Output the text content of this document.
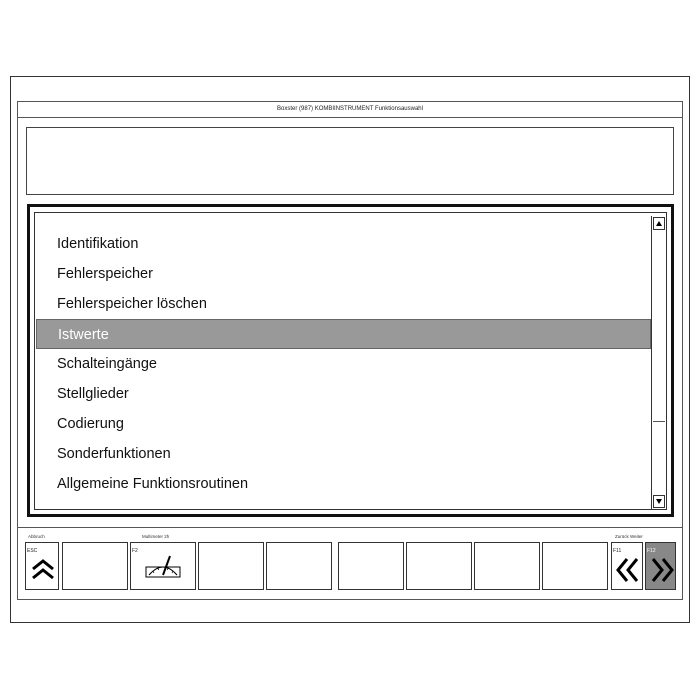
Boxster (987) KOMBIINSTRUMENT Funktionsauswahl
Identifikation
Fehlerspeicher
Fehlerspeicher löschen
Istwerte
Schalteingänge
Stellglieder
Codierung
Sonderfunktionen
Allgemeine Funktionsroutinen
Abbruch	Multimeter 2h	Zurück Weiter
ESC	F2	F11	F12
